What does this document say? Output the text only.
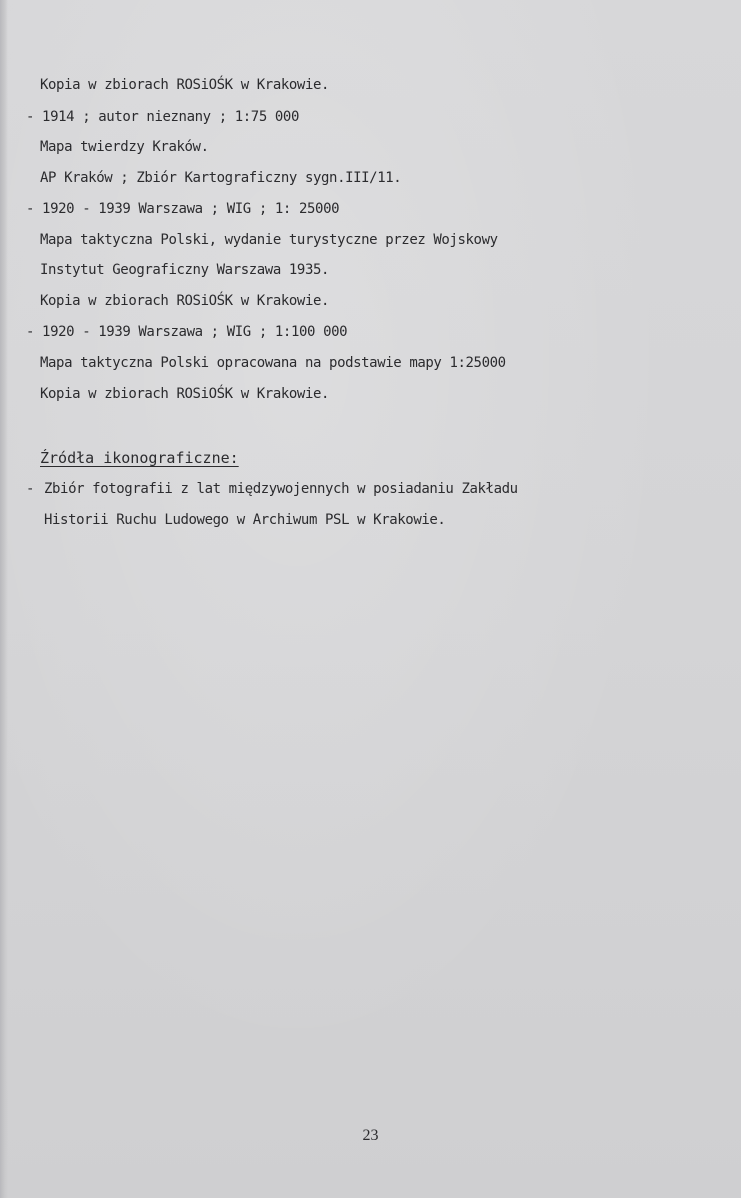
Kopia w zbiorach ROSiOŚK w Krakowie.
- 1914 ; autor nieznany ; 1:75 000
Mapa twierdzy Kraków.
AP Kraków ; Zbiór Kartograficzny sygn.III/11.
- 1920 - 1939 Warszawa ; WIG ; 1: 25000
Mapa taktyczna Polski, wydanie turystyczne przez Wojskowy
Instytut Geograficzny Warszawa 1935.
Kopia w zbiorach ROSiOŚK w Krakowie.
- 1920 - 1939 Warszawa ; WIG ; 1:100 000
Mapa taktyczna Polski opracowana na podstawie mapy 1:25000
Kopia w zbiorach ROSiOŚK w Krakowie.
Źródła ikonograficzne:
- Zbiór fotografii z lat międzywojennych w posiadaniu Zakładu
Historii Ruchu Ludowego w Archiwum PSL w Krakowie.
23
